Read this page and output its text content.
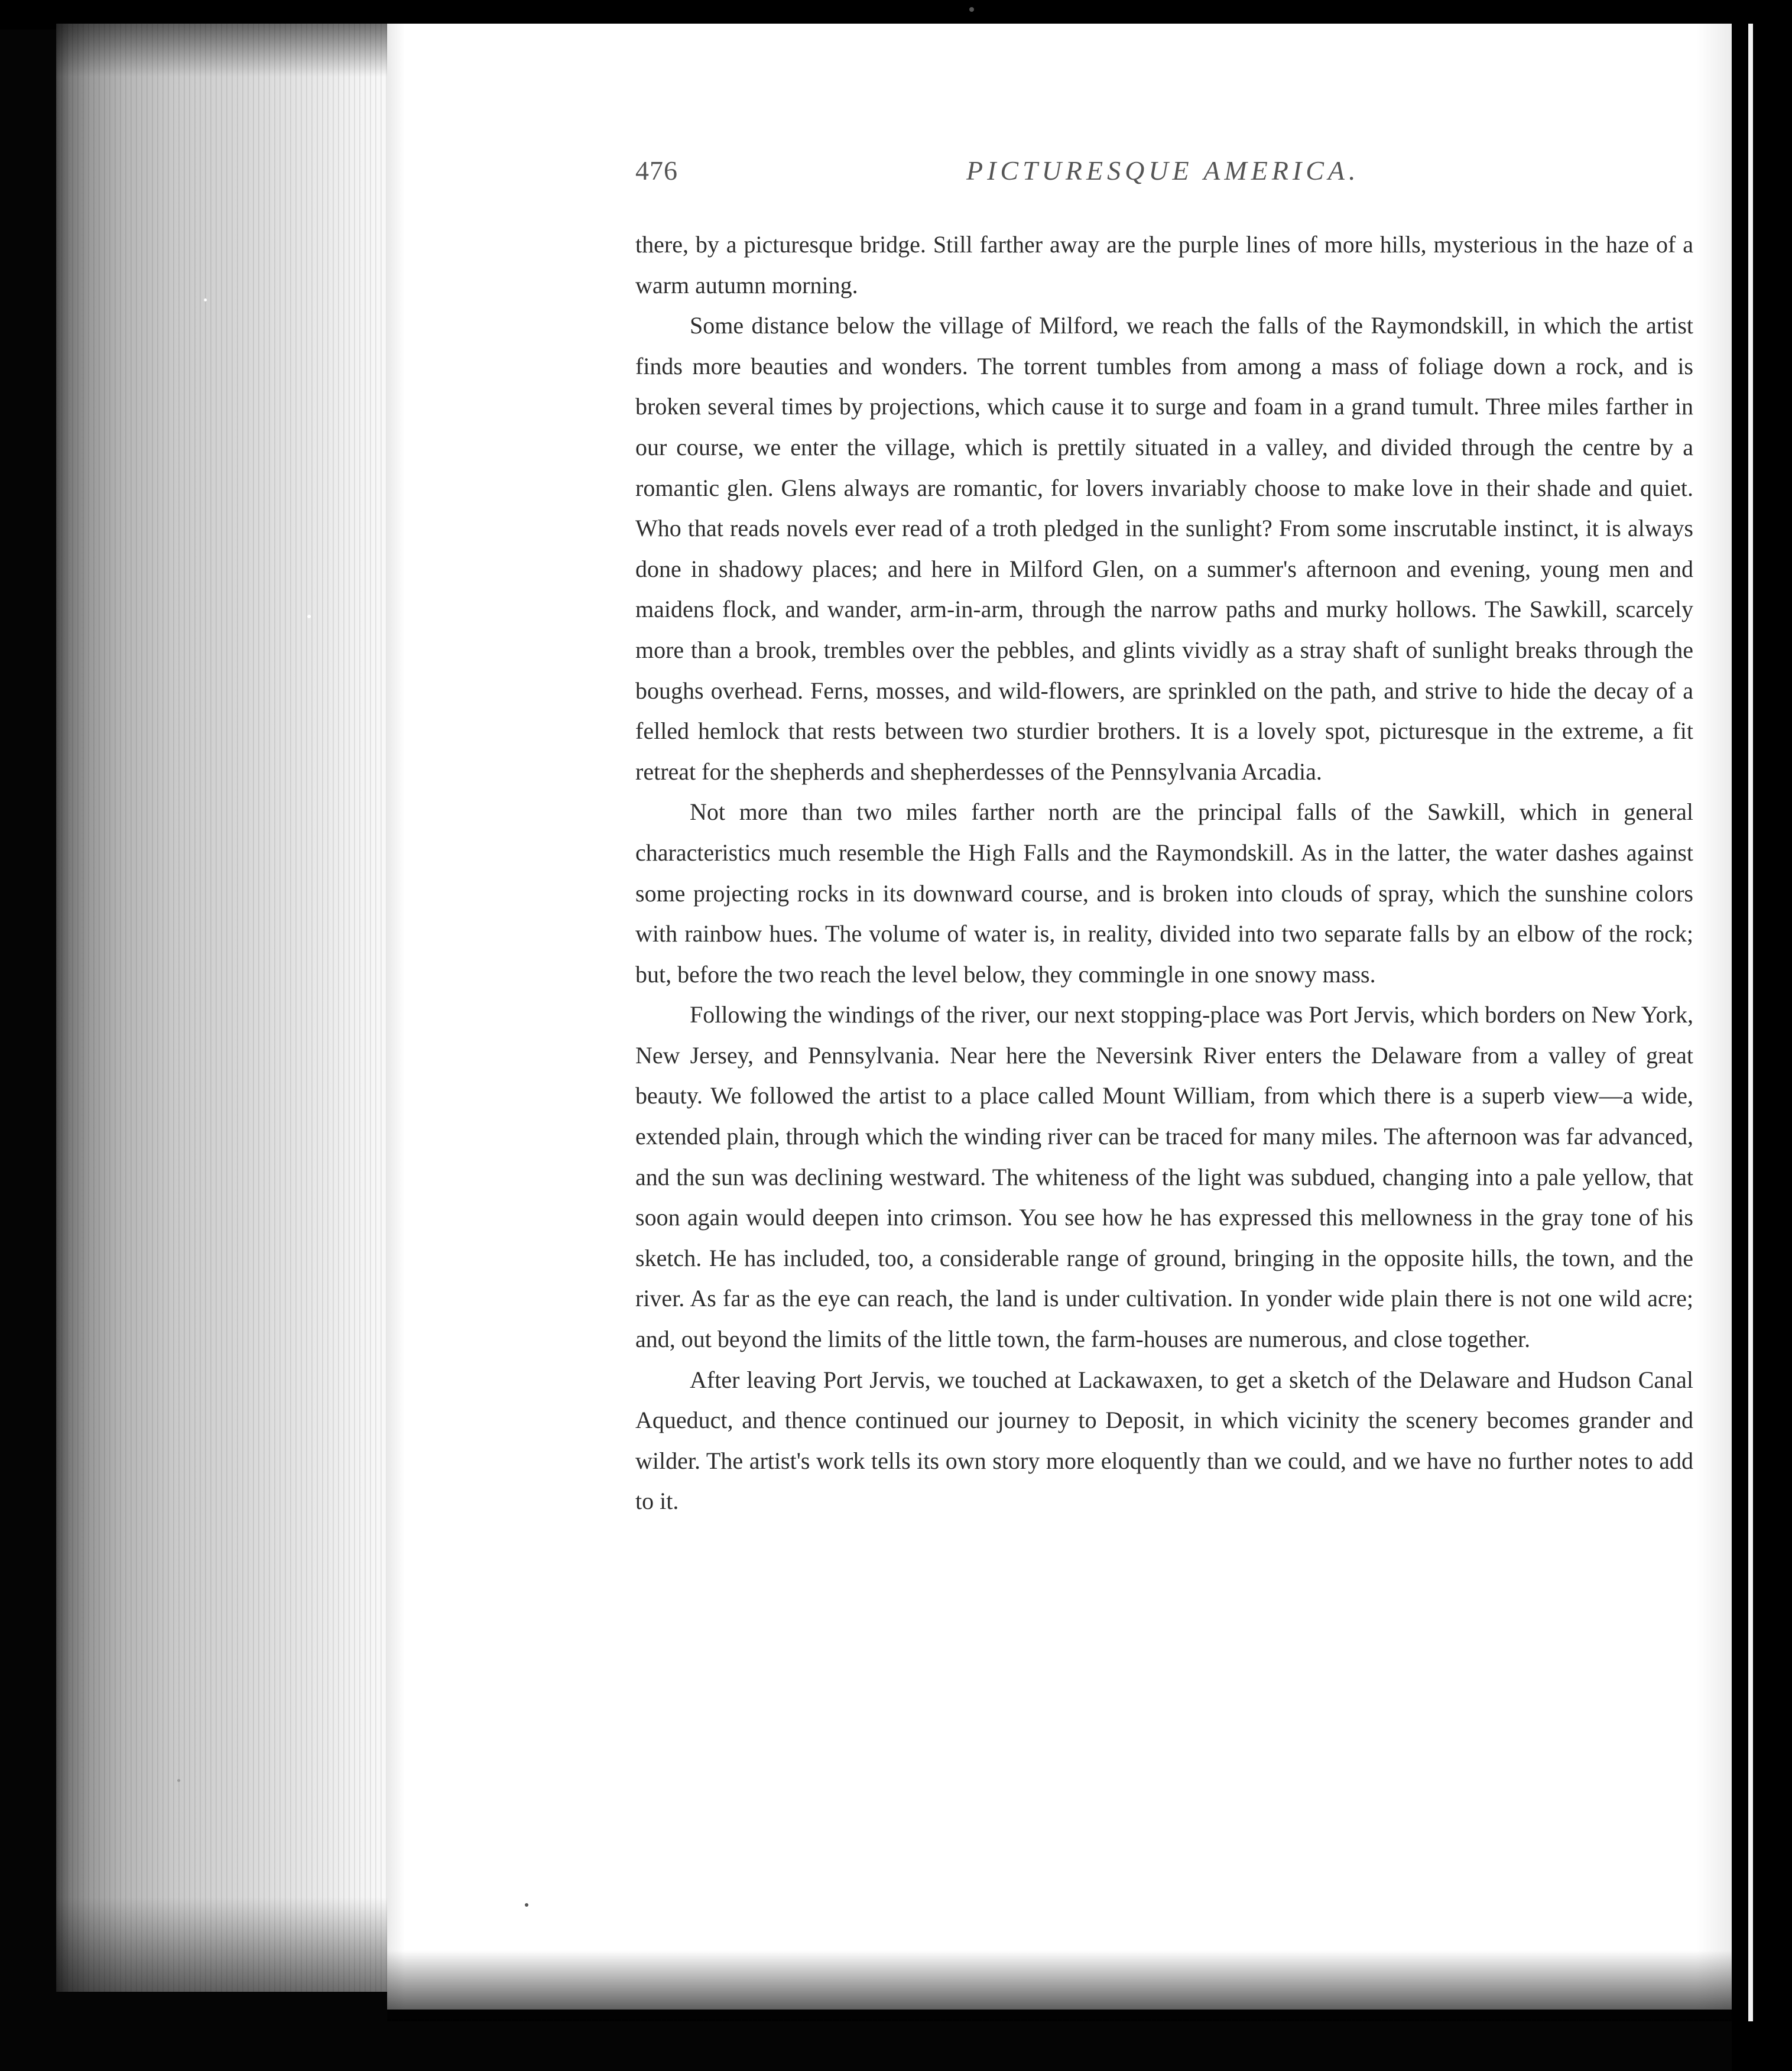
476	PICTURESQUE AMERICA.

there, by a picturesque bridge. Still farther away are the purple lines of more hills, mysterious in the haze of a warm autumn morning.

Some distance below the village of Milford, we reach the falls of the Raymondskill, in which the artist finds more beauties and wonders. The torrent tumbles from among a mass of foliage down a rock, and is broken several times by projections, which cause it to surge and foam in a grand tumult. Three miles farther in our course, we enter the village, which is prettily situated in a valley, and divided through the centre by a romantic glen. Glens always are romantic, for lovers invariably choose to make love in their shade and quiet. Who that reads novels ever read of a troth pledged in the sunlight? From some inscrutable instinct, it is always done in shadowy places; and here in Milford Glen, on a summer's afternoon and evening, young men and maidens flock, and wander, arm-in-arm, through the narrow paths and murky hollows. The Sawkill, scarcely more than a brook, trembles over the pebbles, and glints vividly as a stray shaft of sunlight breaks through the boughs overhead. Ferns, mosses, and wild-flowers, are sprinkled on the path, and strive to hide the decay of a felled hemlock that rests between two sturdier brothers. It is a lovely spot, picturesque in the extreme, a fit retreat for the shepherds and shepherdesses of the Pennsylvania Arcadia.

Not more than two miles farther north are the principal falls of the Sawkill, which in general characteristics much resemble the High Falls and the Raymondskill. As in the latter, the water dashes against some projecting rocks in its downward course, and is broken into clouds of spray, which the sunshine colors with rainbow hues. The volume of water is, in reality, divided into two separate falls by an elbow of the rock; but, before the two reach the level below, they commingle in one snowy mass.

Following the windings of the river, our next stopping-place was Port Jervis, which borders on New York, New Jersey, and Pennsylvania. Near here the Neversink River enters the Delaware from a valley of great beauty. We followed the artist to a place called Mount William, from which there is a superb view—a wide, extended plain, through which the winding river can be traced for many miles. The afternoon was far advanced, and the sun was declining westward. The whiteness of the light was subdued, changing into a pale yellow, that soon again would deepen into crimson. You see how he has expressed this mellowness in the gray tone of his sketch. He has included, too, a considerable range of ground, bringing in the opposite hills, the town, and the river. As far as the eye can reach, the land is under cultivation. In yonder wide plain there is not one wild acre; and, out beyond the limits of the little town, the farm-houses are numerous, and close together.

After leaving Port Jervis, we touched at Lackawaxen, to get a sketch of the Delaware and Hudson Canal Aqueduct, and thence continued our journey to Deposit, in which vicinity the scenery becomes grander and wilder. The artist's work tells its own story more eloquently than we could, and we have no further notes to add to it.
